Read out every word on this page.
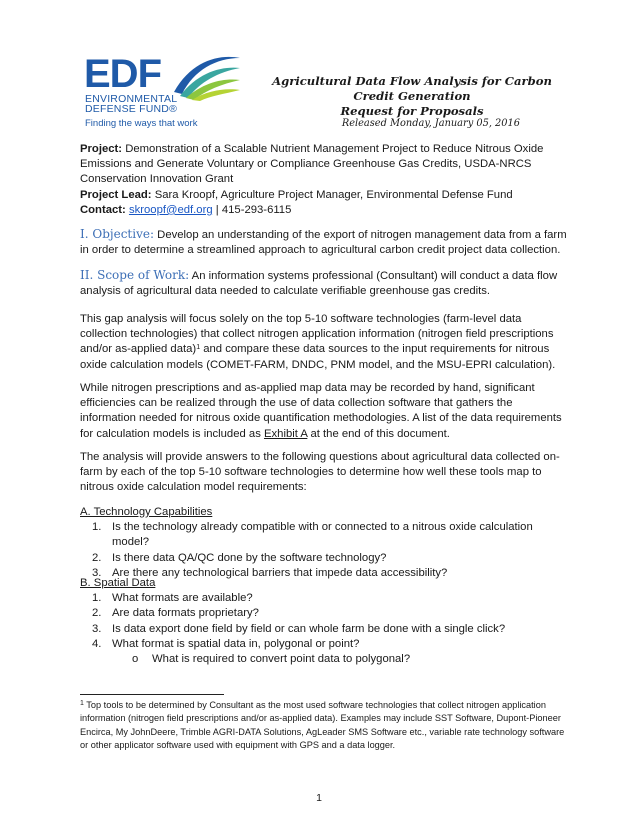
EDF
ENVIRONMENTAL
DEFENSE FUND®
Finding the ways that work
Agricultural Data Flow Analysis for Carbon Credit Generation
Request for Proposals
Released Monday, January 05, 2016

Project: Demonstration of a Scalable Nutrient Management Project to Reduce Nitrous Oxide Emissions and Generate Voluntary or Compliance Greenhouse Gas Credits, USDA-NRCS Conservation Innovation Grant

Project Lead: Sara Kroopf, Agriculture Project Manager, Environmental Defense Fund

Contact: skroopf@edf.org | 415-293-6115

I. Objective: Develop an understanding of the export of nitrogen management data from a farm in order to determine a streamlined approach to agricultural carbon credit project data collection.

II. Scope of Work: An information systems professional (Consultant) will conduct a data flow analysis of agricultural data needed to calculate verifiable greenhouse gas credits.

This gap analysis will focus solely on the top 5-10 software technologies (farm-level data collection technologies) that collect nitrogen application information (nitrogen field prescriptions and/or as-applied data)$^1$ and compare these data sources to the input requirements for nitrous oxide calculation models (COMET-FARM, DNDC, PNM model, and the MSU-EPRI calculation).

While nitrogen prescriptions and as-applied map data may be recorded by hand, significant efficiencies can be realized through the use of data collection software that gathers the information needed for nitrous oxide quantification methodologies. A list of the data requirements for calculation models is included as Exhibit A at the end of this document.

The analysis will provide answers to the following questions about agricultural data collected on-farm by each of the top 5-10 software technologies to determine how well these tools map to nitrous oxide calculation model requirements:

A. Technology Capabilities

1. Is the technology already compatible with or connected to a nitrous oxide calculation model?
2. Is there data QA/QC done by the software technology?
3. Are there any technological barriers that impede data accessibility?

B. Spatial Data

1. What formats are available?
2. Are data formats proprietary?
3. Is data export done field by field or can whole farm be done with a single click?
4. What format is spatial data in, polygonal or point?
o What is required to convert point data to polygonal?
$^1$ Top tools to be determined by Consultant as the most used software technologies that collect nitrogen application information (nitrogen field prescriptions and/or as-applied data). Examples may include SST Software, Dupont-Pioneer Encirca, My JohnDeere, Trimble AGRI-DATA Solutions, AgLeader SMS Software etc., variable rate technology software or other applicator software used with equipment with GPS and a data logger.
1
